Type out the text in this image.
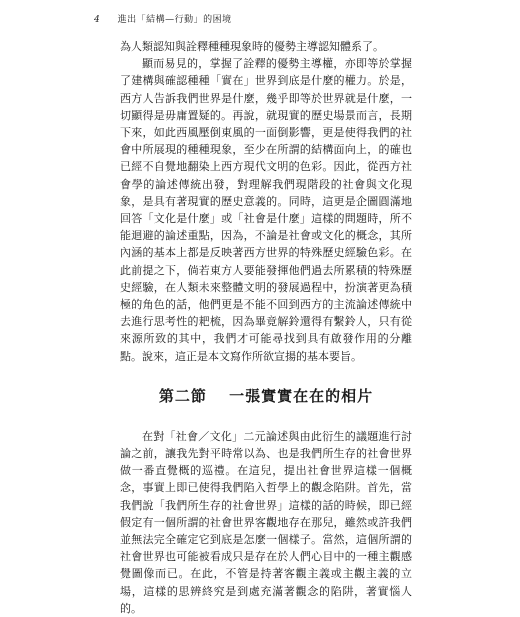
4 進出「結構—行動」的困境

為人類認知與詮釋種種現象時的優勢主導認知體系了。

顯而易見的，掌握了詮釋的優勢主導權，亦即等於掌握了建構與確認種種「實在」世界到底是什麼的權力。於是，西方人告訴我們世界是什麼，幾乎即等於世界就是什麼，一切顯得是毋庸置疑的。再說，就現實的歷史場景而言，長期下來，如此西風壓倒東風的一面倒影響，更是使得我們的社會中所展現的種種現象，至少在所謂的結構面向上，的確也已經不自覺地翻染上西方現代文明的色彩。因此，從西方社會學的論述傳統出發，對理解我們現階段的社會與文化現象，是具有著現實的歷史意義的。同時，這更是企圖圓滿地回答「文化是什麼」或「社會是什麼」這樣的問題時，所不能迴避的論述重點，因為，不論是社會或文化的概念，其所內涵的基本上都是反映著西方世界的特殊歷史經驗色彩。在此前提之下，倘若東方人要能發揮他們過去所累積的特殊歷史經驗，在人類未來整體文明的發展過程中，扮演著更為積極的角色的話，他們更是不能不回到西方的主流論述傳統中去進行思考性的耙梳，因為畢竟解鈴還得有繫鈴人，只有從來源所致的其中，我們才可能尋找到具有啟發作用的分離點。說來，這正是本文寫作所欲宣揚的基本要旨。

第二節 一張實實在在的相片

在對「社會／文化」二元論述與由此衍生的議題進行討論之前，讓我先對平時常以為、也是我們所生存的社會世界做一番直覺概的巡禮。在這兒，提出社會世界這樣一個概念，事實上即已使得我們陷入哲學上的觀念陷阱。首先，當我們說「我們所生存的社會世界」這樣的話的時候，即已經假定有一個所謂的社會世界客觀地存在那兒，雖然或許我們並無法完全確定它到底是怎麼一個樣子。當然，這個所謂的社會世界也可能被看成只是存在於人們心目中的一種主觀感覺圖像而已。在此，不管是持著客觀主義或主觀主義的立場，這樣的思辨終究是到處充滿著觀念的陷阱，著實惱人的。
